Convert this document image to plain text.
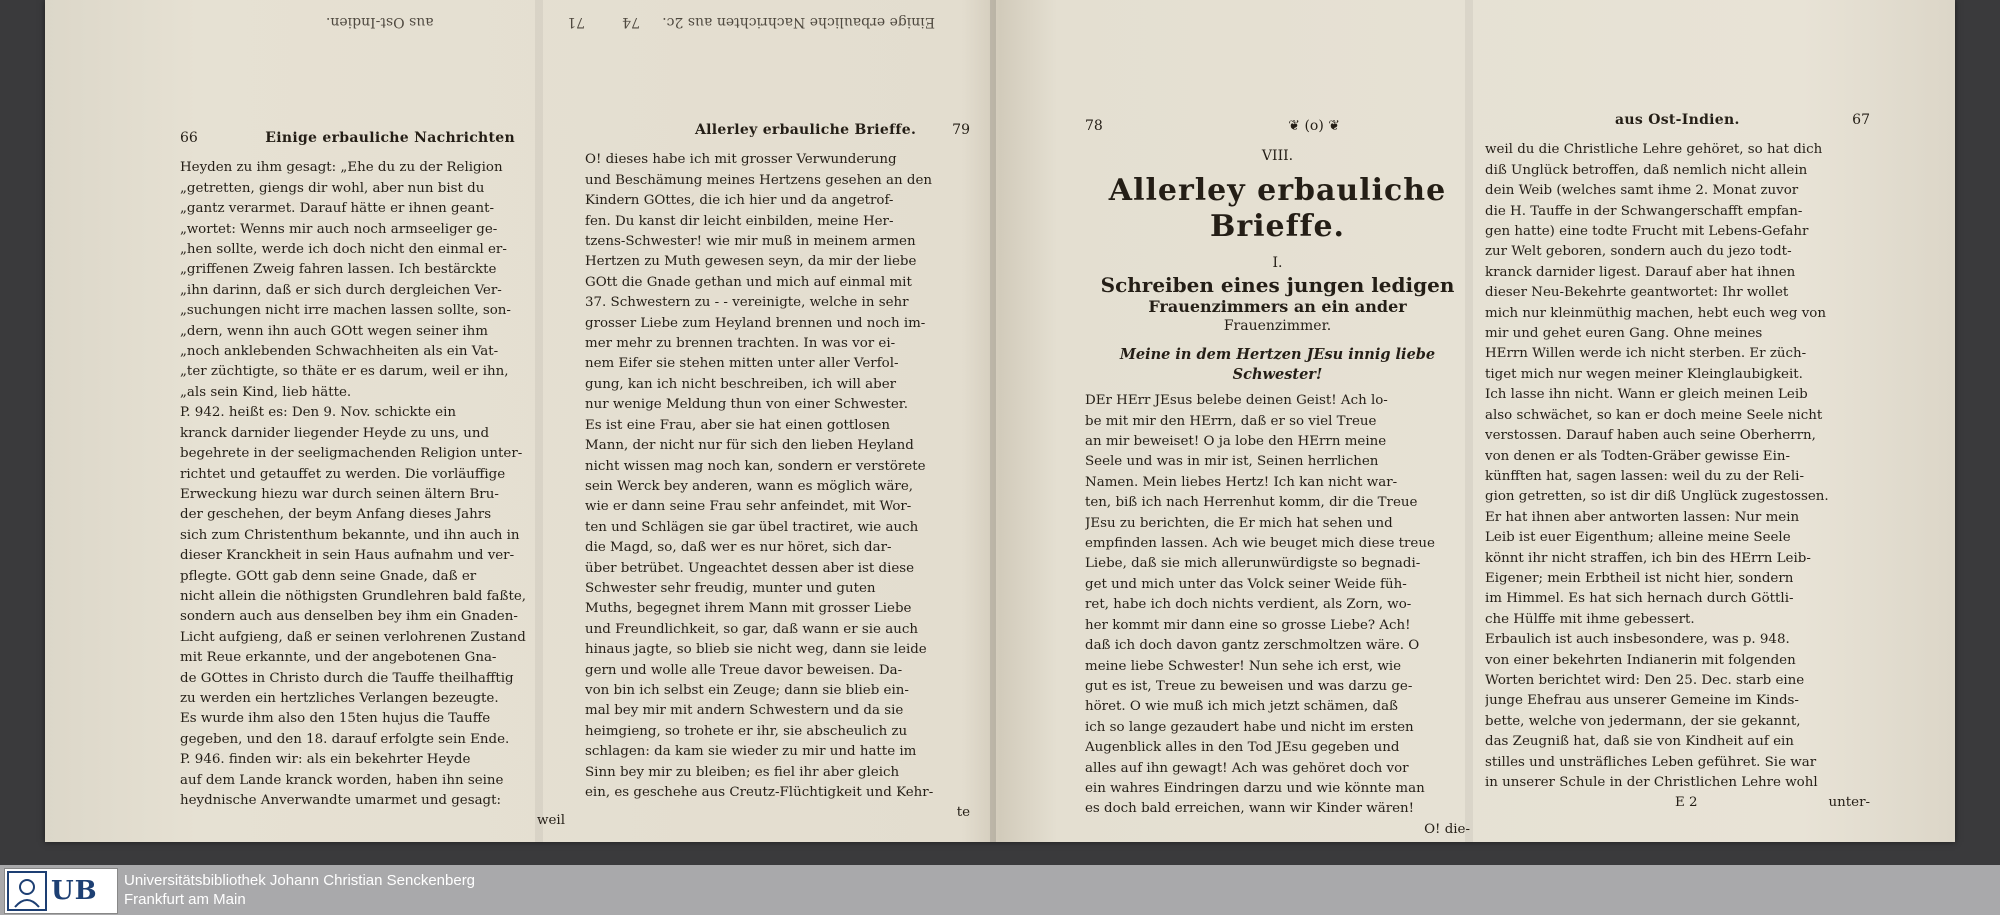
71                              aus Ost-Indien.	Einige erbauliche Nachrichten aus 2c.     74
66	Einige erbauliche Nachrichten
Heyden zu ihm gesagt: „Ehe du zu der Religion
„getretten, giengs dir wohl, aber nun bist du
„gantz verarmet. Darauf hätte er ihnen geant-
„wortet: Wenns mir auch noch armseeliger ge-
„hen sollte, werde ich doch nicht den einmal er-
„griffenen Zweig fahren lassen. Ich bestärckte
„ihn darinn, daß er sich durch dergleichen Ver-
„suchungen nicht irre machen lassen sollte, son-
„dern, wenn ihn auch GOtt wegen seiner ihm
„noch anklebenden Schwachheiten als ein Vat-
„ter züchtigte, so thäte er es darum, weil er ihn,
„als sein Kind, lieb hätte.
P. 942. heißt es: Den 9. Nov. schickte ein
kranck darnider liegender Heyde zu uns, und
begehrete in der seeligmachenden Religion unter-
richtet und getauffet zu werden. Die vorläuffige
Erweckung hiezu war durch seinen ältern Bru-
der geschehen, der beym Anfang dieses Jahrs
sich zum Christenthum bekannte, und ihn auch in
dieser Kranckheit in sein Haus aufnahm und ver-
pflegte. GOtt gab denn seine Gnade, daß er
nicht allein die nöthigsten Grundlehren bald faßte,
sondern auch aus denselben bey ihm ein Gnaden-
Licht aufgieng, daß er seinen verlohrenen Zustand
mit Reue erkannte, und der angebotenen Gna-
de GOttes in Christo durch die Tauffe theilhafftig
zu werden ein hertzliches Verlangen bezeugte.
Es wurde ihm also den 15ten hujus die Tauffe
gegeben, und den 18. darauf erfolgte sein Ende.
P. 946. finden wir: als ein bekehrter Heyde
auf dem Lande kranck worden, haben ihn seine
heydnische Anverwandte umarmet und gesagt:
weil
Allerley erbauliche Brieffe.	79
O! dieses habe ich mit grosser Verwunderung
und Beschämung meines Hertzens gesehen an den
Kindern GOttes, die ich hier und da angetrof-
fen. Du kanst dir leicht einbilden, meine Her-
tzens-Schwester! wie mir muß in meinem armen
Hertzen zu Muth gewesen seyn, da mir der liebe
GOtt die Gnade gethan und mich auf einmal mit
37. Schwestern zu - - vereinigte, welche in sehr
grosser Liebe zum Heyland brennen und noch im-
mer mehr zu brennen trachten. In was vor ei-
nem Eifer sie stehen mitten unter aller Verfol-
gung, kan ich nicht beschreiben, ich will aber
nur wenige Meldung thun von einer Schwester.
Es ist eine Frau, aber sie hat einen gottlosen
Mann, der nicht nur für sich den lieben Heyland
nicht wissen mag noch kan, sondern er verstörete
sein Werck bey anderen, wann es möglich wäre,
wie er dann seine Frau sehr anfeindet, mit Wor-
ten und Schlägen sie gar übel tractiret, wie auch
die Magd, so, daß wer es nur höret, sich dar-
über betrübet. Ungeachtet dessen aber ist diese
Schwester sehr freudig, munter und guten
Muths, begegnet ihrem Mann mit grosser Liebe
und Freundlichkeit, so gar, daß wann er sie auch
hinaus jagte, so blieb sie nicht weg, dann sie leide
gern und wolle alle Treue davor beweisen. Da-
von bin ich selbst ein Zeuge; dann sie blieb ein-
mal bey mir mit andern Schwestern und da sie
heimgieng, so trohete er ihr, sie abscheulich zu
schlagen: da kam sie wieder zu mir und hatte im
Sinn bey mir zu bleiben; es fiel ihr aber gleich
ein, es geschehe aus Creutz-Flüchtigkeit und Kehr-
te
78	❦ (o) ❦
VIII.
Allerley erbauliche Brieffe.
I.
Schreiben eines jungen ledigen
Frauenzimmers an ein ander
Frauenzimmer.
Meine in dem Hertzen JEsu innig liebe Schwester!
DEr HErr JEsus belebe deinen Geist! Ach lo-
be mit mir den HErrn, daß er so viel Treue
an mir beweiset! O ja lobe den HErrn meine
Seele und was in mir ist, Seinen herrlichen
Namen. Mein liebes Hertz! Ich kan nicht war-
ten, biß ich nach Herrenhut komm, dir die Treue
JEsu zu berichten, die Er mich hat sehen und
empfinden lassen. Ach wie beuget mich diese treue
Liebe, daß sie mich allerunwürdigste so begnadi-
get und mich unter das Volck seiner Weide füh-
ret, habe ich doch nichts verdient, als Zorn, wo-
her kommt mir dann eine so grosse Liebe? Ach!
daß ich doch davon gantz zerschmoltzen wäre. O
meine liebe Schwester! Nun sehe ich erst, wie
gut es ist, Treue zu beweisen und was darzu ge-
höret. O wie muß ich mich jetzt schämen, daß
ich so lange gezaudert habe und nicht im ersten
Augenblick alles in den Tod JEsu gegeben und
alles auf ihn gewagt! Ach was gehöret doch vor
ein wahres Eindringen darzu und wie könnte man
es doch bald erreichen, wann wir Kinder wären!
O! die-
aus Ost-Indien.	67
weil du die Christliche Lehre gehöret, so hat dich
diß Unglück betroffen, daß nemlich nicht allein
dein Weib (welches samt ihme 2. Monat zuvor
die H. Tauffe in der Schwangerschafft empfan-
gen hatte) eine todte Frucht mit Lebens-Gefahr
zur Welt geboren, sondern auch du jezo todt-
kranck darnider ligest. Darauf aber hat ihnen
dieser Neu-Bekehrte geantwortet: Ihr wollet
mich nur kleinmüthig machen, hebt euch weg von
mir und gehet euren Gang. Ohne meines
HErrn Willen werde ich nicht sterben. Er züch-
tiget mich nur wegen meiner Kleinglaubigkeit.
Ich lasse ihn nicht. Wann er gleich meinen Leib
also schwächet, so kan er doch meine Seele nicht
verstossen. Darauf haben auch seine Oberherrn,
von denen er als Todten-Gräber gewisse Ein-
künfften hat, sagen lassen: weil du zu der Reli-
gion getretten, so ist dir diß Unglück zugestossen.
Er hat ihnen aber antworten lassen: Nur mein
Leib ist euer Eigenthum; alleine meine Seele
könnt ihr nicht straffen, ich bin des HErrn Leib-
Eigener; mein Erbtheil ist nicht hier, sondern
im Himmel. Es hat sich hernach durch Göttli-
che Hülffe mit ihme gebessert.
Erbaulich ist auch insbesondere, was p. 948.
von einer bekehrten Indianerin mit folgenden
Worten berichtet wird: Den 25. Dec. starb eine
junge Ehefrau aus unserer Gemeine im Kinds-
bette, welche von jedermann, der sie gekannt,
das Zeugniß hat, daß sie von Kindheit auf ein
stilles und unsträfliches Leben geführet. Sie war
in unserer Schule in der Christlichen Lehre wohl
E 2	unter-
UB Universitätsbibliothek Johann Christian Senckenberg
Frankfurt am Main
